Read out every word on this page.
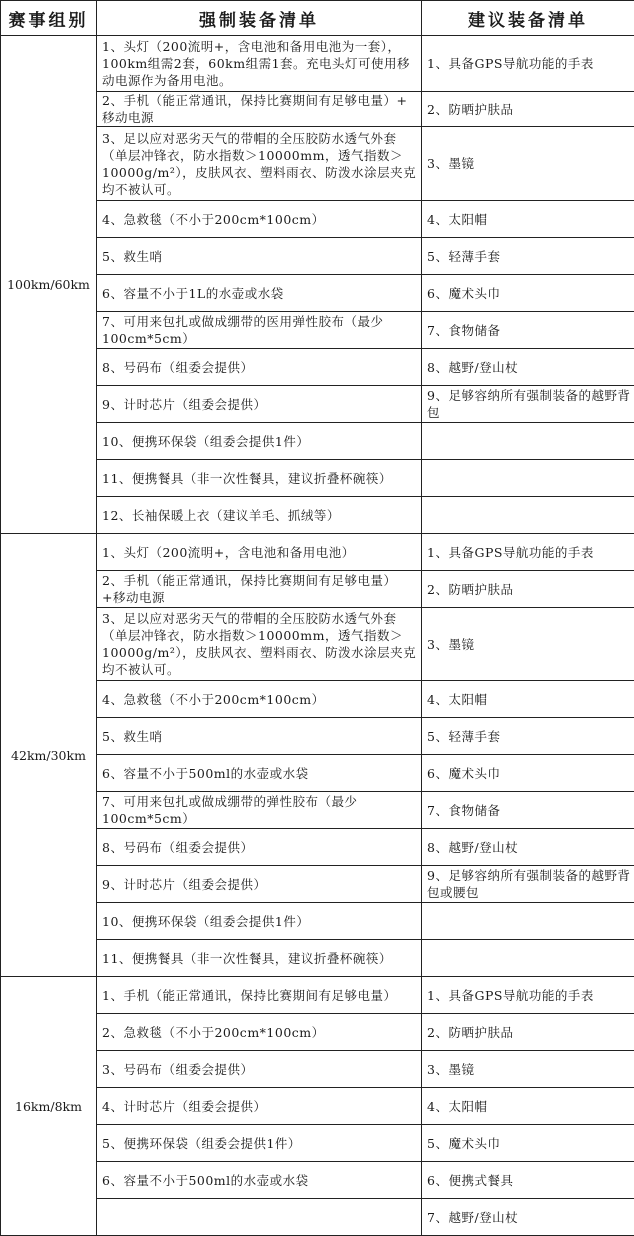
赛事组别	强制装备清单	建议装备清单
100km/60km	1、头灯（200流明+，含电池和备用电池为一套），100km组需2套，60km组需1套。充电头灯可使用移动电源作为备用电池。	1、具备GPS导航功能的手表
	2、手机（能正常通讯，保持比赛期间有足够电量）+ 移动电源	2、防晒护肤品
	3、足以应对恶劣天气的带帽的全压胶防水透气外套（单层冲锋衣，防水指数＞10000mm，透气指数＞10000g/m²），皮肤风衣、塑料雨衣、防泼水涂层夹克均不被认可。	3、墨镜
	4、急救毯（不小于200cm*100cm）	4、太阳帽
	5、救生哨	5、轻薄手套
	6、容量不小于1L的水壶或水袋	6、魔术头巾
	7、可用来包扎或做成绷带的医用弹性胶布（最少100cm*5cm）	7、食物储备
	8、号码布（组委会提供）	8、越野/登山杖
	9、计时芯片（组委会提供）	9、足够容纳所有强制装备的越野背包
	10、便携环保袋（组委会提供1件）	
	11、便携餐具（非一次性餐具，建议折叠杯碗筷）	
	12、长袖保暖上衣（建议羊毛、抓绒等）	
42km/30km	1、头灯（200流明+，含电池和备用电池）	1、具备GPS导航功能的手表
	2、手机（能正常通讯，保持比赛期间有足够电量）+移动电源	2、防晒护肤品
	3、足以应对恶劣天气的带帽的全压胶防水透气外套（单层冲锋衣，防水指数＞10000mm，透气指数＞10000g/m²），皮肤风衣、塑料雨衣、防泼水涂层夹克均不被认可。	3、墨镜
	4、急救毯（不小于200cm*100cm）	4、太阳帽
	5、救生哨	5、轻薄手套
	6、容量不小于500ml的水壶或水袋	6、魔术头巾
	7、可用来包扎或做成绷带的弹性胶布（最少100cm*5cm）	7、食物储备
	8、号码布（组委会提供）	8、越野/登山杖
	9、计时芯片（组委会提供）	9、足够容纳所有强制装备的越野背包或腰包
	10、便携环保袋（组委会提供1件）	
	11、便携餐具（非一次性餐具，建议折叠杯碗筷）	
16km/8km	1、手机（能正常通讯，保持比赛期间有足够电量）	1、具备GPS导航功能的手表
	2、急救毯（不小于200cm*100cm）	2、防晒护肤品
	3、号码布（组委会提供）	3、墨镜
	4、计时芯片（组委会提供）	4、太阳帽
	5、便携环保袋（组委会提供1件）	5、魔术头巾
	6、容量不小于500ml的水壶或水袋	6、便携式餐具
		7、越野/登山杖
